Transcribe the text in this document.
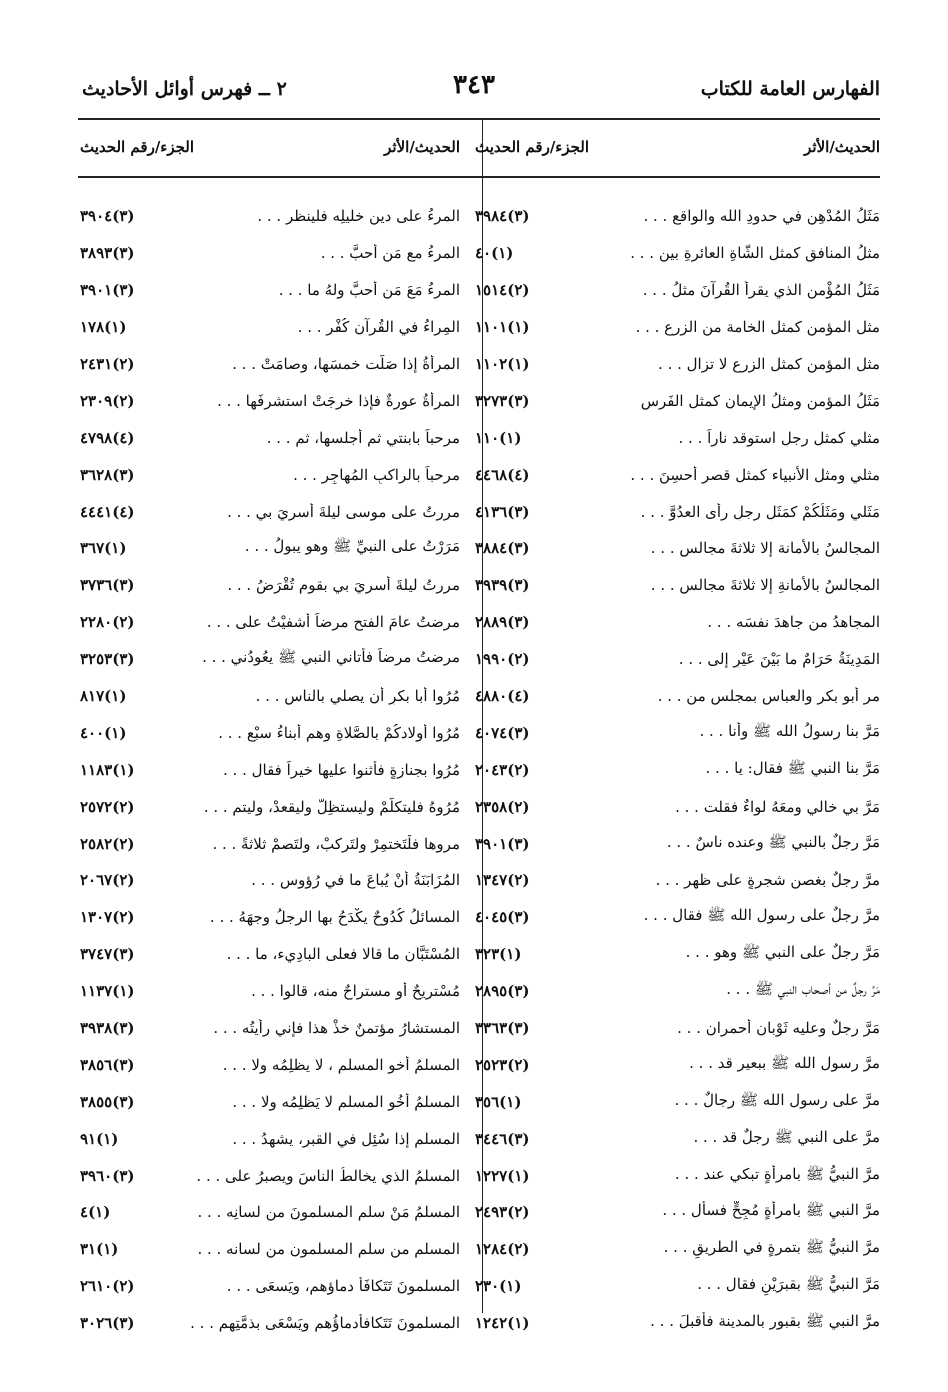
الفهارس العامة للكتاب
٣٤٣
٢ ــ فهرس أوائل الأحاديث
الحديث/الأثر
الجزء/رقم الحديث
مَثَلُ المُدْهِنِ في حدودِ الله والواقعِ . . .
(٣)٣٩٨٤
مثلُ المنافقِ كمثلِ الشَّاةِ العائرةِ بين . . .
(١)٤٠
مَثَلُ المُؤْمنِ الذي يقرأُ القُرآنَ مثلُ . . .
(٢)١٥١٤
مثل المؤمن كمثل الخامة من الزرع . . .
(١)١١٠١
مثل المؤمن كمثل الزرع لا تزال . . .
(١)١١٠٢
مَثَلُ المؤمنِ ومثلُ الإيمانِ كمثلِ الفَرسِ
(٣)٣٢٧٣
مثلي كمثلِ رجلٍ استوقد ناراً . . .
(١)١١٠
مثلي ومثل الأنبياء كمثل قصر أحسِنَ . . .
(٤)٤٤٦٨
مَثَلي ومَثَلُكُمْ كمَثَلِ رجلٍ رأى العدُوَّ . . .
(٣)٤١٣٦
المجالسُ بالأمانة إلا ثلاثةَ مجالس . . .
(٣)٣٨٨٤
المجالسُ بالأمانةِ إلا ثلاثةَ مجالس . . .
(٣)٣٩٣٩
المجاهدُ من جاهدَ نفسَه . . .
(٣)٢٨٨٩
المَدِينَةُ حَرَامٌ ما بَيْنَ عَيْرٍ إلى . . .
(٢)١٩٩٠
مر أبو بكر والعباس بمجلس من . . .
(٤)٤٨٨٠
مَرَّ بنا رسولُ الله ﷺ وأنا . . .
(٣)٤٠٧٤
مَرَّ بنا النبي ﷺ فقال: يا . . .
(٢)٢٠٤٣
مَرَّ بي خالي ومعَهُ لواءٌ فقلت . . .
(٢)٢٣٥٨
مَرَّ رجلٌ بالنبي ﷺ وعنده ناسٌ . . .
(٣)٣٩٠١
مرَّ رجلٌ بغصن شجرةٍ على ظهر . . .
(٢)١٣٤٧
مرَّ رجلٌ على رسول الله ﷺ فقال . . .
(٣)٤٠٤٥
مَرَّ رجلٌ على النبي ﷺ وهو . . .
(١)٣٢٣
مَرَّ رجلٌ من أصحاب النبي ﷺ . . .
(٣)٢٨٩٥
مَرَّ رجلٌ وعليه ثَوْبانِ أحمرانِ . . .
(٣)٣٣٦٣
مرَّ رسول الله ﷺ ببعير قد . . .
(٢)٢٥٢٣
مرَّ على رسول الله ﷺ رجالٌ . . .
(١)٣٥٦
مرَّ على النبي ﷺ رجلٌ قد . . .
(٣)٣٤٤٦
مرَّ النبيُّ ﷺ بامرأةٍ تبكي عند . . .
(١)١٢٢٧
مرَّ النبي ﷺ بامرأةٍ مُجِحٍّ فسأل . . .
(٢)٢٤٩٣
مرَّ النبيُّ ﷺ بتمرةٍ في الطريقِ . . .
(٢)١٢٨٤
مَرَّ النبيُّ ﷺ بقبرَيْنِ فقال . . .
(١)٢٣٠
مرَّ النبي ﷺ بقبور بالمدينة فأقبلَ . . .
(١)١٢٤٢
الحديث/الأثر
الجزء/رقم الحديث
المرءُ على دين خليلِه فلينظر . . .
(٣)٣٩٠٤
المرءُ مع مَن أحبَّ . . .
(٣)٣٨٩٣
المرءُ مَعَ مَن أحبَّ ولهُ ما . . .
(٣)٣٩٠١
المِراءُ في القُرآنِ كُفْر . . .
(١)١٧٨
المرأةُ إذا صَلَّت خمسَها، وصامَتْ . . .
(٢)٢٤٣١
المرأةُ عورةٌ فإذا خرجَتْ استشرفَها . . .
(٢)٢٣٠٩
مرحباً بابنتي ثم أجلسها، ثم . . .
(٤)٤٧٩٨
مرحباً بالراكبِ المُهاجِر . . .
(٣)٣٦٢٨
مررتُ على موسى ليلةَ أُسرِيَ بي . . .
(٤)٤٤٤١
مَرَرْتُ على النبيِّ ﷺ وهو يبولُ . . .
(١)٣٦٧
مررتُ ليلةَ أُسرِيَ بي بقومٍ تُقْرَضُ . . .
(٣)٣٧٣٦
مرضتُ عامَ الفتحِ مرضاً أشفيْتُ على . . .
(٢)٢٢٨٠
مرضتُ مرضاً فأتاني النبي ﷺ يعُودُني . . .
(٣)٣٢٥٣
مُرُوا أبا بكرٍ أن يصلي بالناس . . .
(١)٨١٧
مُرُوا أولادكُمْ بالصَّلاةِ وهم أبناءُ سبْعٍ . . .
(١)٤٠٠
مُرُوا بجنازةٍ فأثنوا عليها خيراً فقال . . .
(١)١١٨٣
مُرُوهُ فليتكلَّمْ وليستظِلَّ وليقعدْ، وليتم . . .
(٢)٢٥٧٢
مروها فلْتَختمِرْ ولتَركبْ، ولتَصمْ ثلاثةً . . .
(٢)٢٥٨٢
المُزَابَنَةُ أنْ يُباعَ ما في رُؤوس . . .
(٢)٢٠٦٧
المسائلُ كُدُوحٌ يكْدَحُ بها الرجلُ وجهَهُ . . .
(٢)١٣٠٧
المُسْتَبَّانِ ما قالا فعلى البادِيء، ما . . .
(٣)٣٧٤٧
مُسْتريحٌ أو مستراحٌ منه، قالوا . . .
(١)١١٣٧
المستشارُ مؤتمنٌ خذْ هذا فإني رأيتُه . . .
(٣)٣٩٣٨
المسلمُ أخو المسلم ، لا يظلِمُه ولا . . .
(٣)٣٨٥٦
المسلمُ أخُو المسلم لا يَظلِمُه ولا . . .
(٣)٣٨٥٥
المسلم إذا سُئِل في القبرِ، يشهدُ . . .
(١)٩١
المسلمُ الذي يخالطُ الناسَ ويصبرُ على . . .
(٣)٣٩٦٠
المسلمُ مَنْ سلم المسلمونَ من لسانِه . . .
(١)٤
المسلم من سلم المسلمون من لسانه . . .
(١)٣١
المسلمونَ تَتَكافَأُ دماؤهم، ويَسعَى . . .
(٢)٢٦١٠
المسلمونَ تَتَكافأدماؤُهم ويَسْعَى بذمَّتِهِم . . .
(٣)٣٠٢٦
